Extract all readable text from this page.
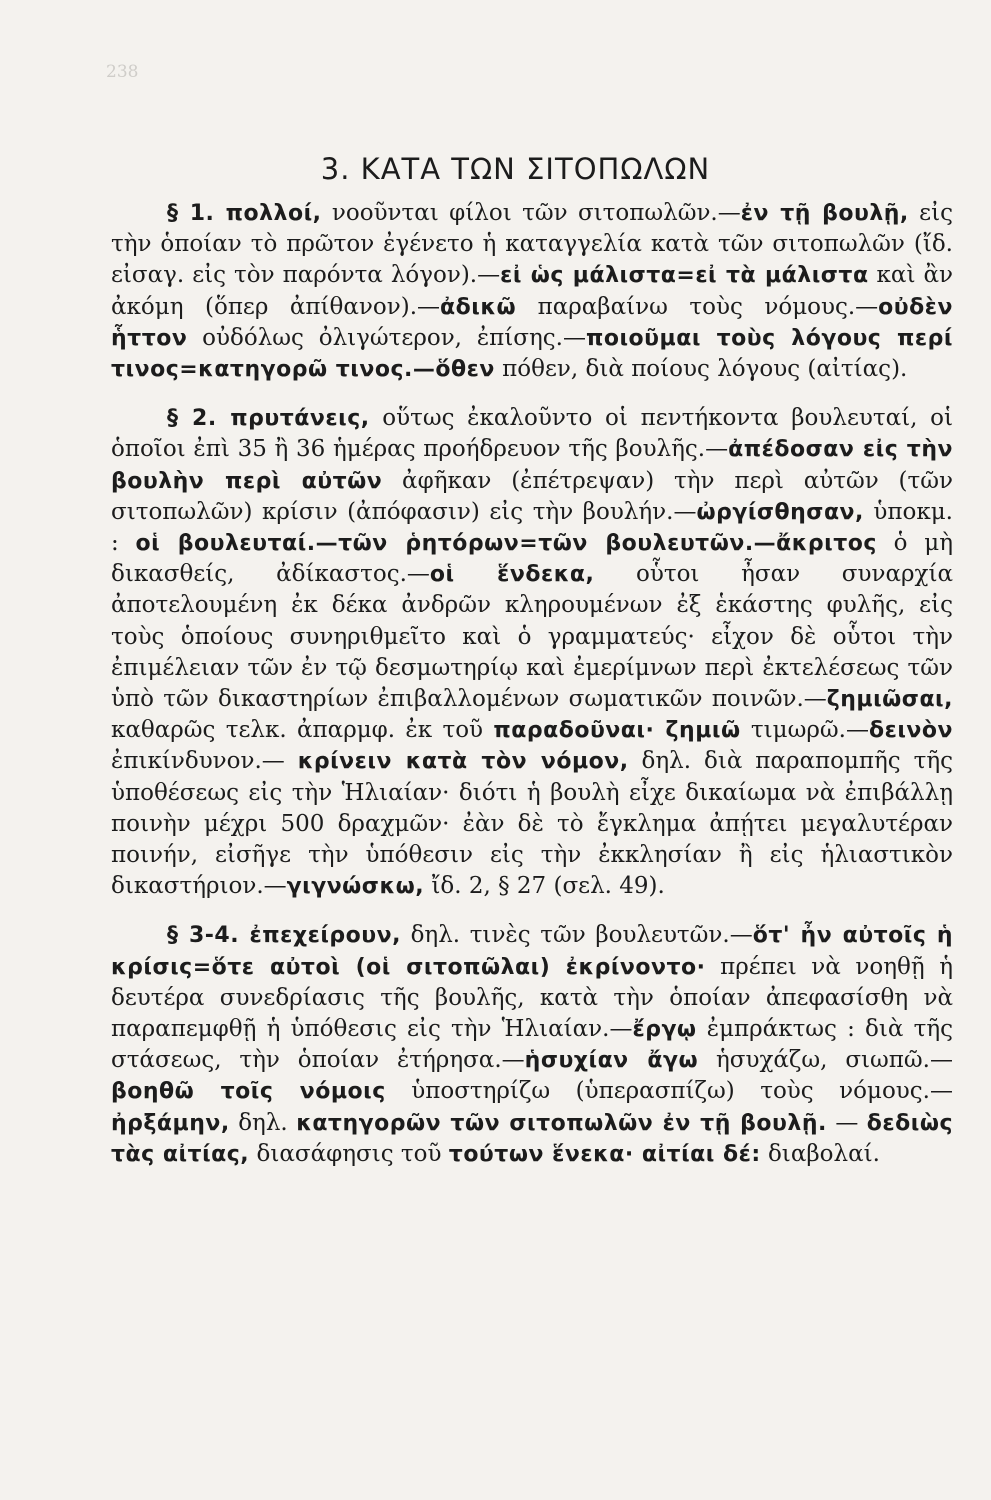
238
3. ΚΑΤΑ ΤΩΝ ΣΙΤΟΠΩΛΩΝ

§ 1. πολλοί, νοοῦνται φίλοι τῶν σιτοπωλῶν.—ἐν τῇ βουλῇ, εἰς τὴν ὁποίαν τὸ πρῶτον ἐγένετο ἡ καταγγελία κατὰ τῶν σιτοπωλῶν (ἴδ. εἰσαγ. εἰς τὸν παρόντα λόγον).—εἰ ὡς μάλιστα=εἰ τὰ μάλιστα καὶ ἂν ἀκόμη (ὅπερ ἀπίθανον).—ἀδικῶ παραβαίνω τοὺς νόμους.—οὐδὲν ἧττον οὐδόλως ὀλιγώτερον, ἐπίσης.—ποιοῦμαι τοὺς λόγους περί τινος=κατηγορῶ τινος.—ὅθεν πόθεν, διὰ ποίους λόγους (αἰτίας).

§ 2. πρυτάνεις, οὕτως ἐκαλοῦντο οἱ πεντήκοντα βουλευταί, οἱ ὁποῖοι ἐπὶ 35 ἢ 36 ἡμέρας προήδρευον τῆς βουλῆς.—ἀπέδοσαν εἰς τὴν βουλὴν περὶ αὐτῶν ἀφῆκαν (ἐπέτρεψαν) τὴν περὶ αὐτῶν (τῶν σιτοπωλῶν) κρίσιν (ἀπόφασιν) εἰς τὴν βουλήν.—ὠργίσθησαν, ὑποκμ. : οἱ βουλευταί.—τῶν ῥητόρων=τῶν βουλευτῶν.—ἄκριτος ὁ μὴ δικασθείς, ἀδίκαστος.—οἱ ἕνδεκα, οὗτοι ἦσαν συναρχία ἀποτελουμένη ἐκ δέκα ἀνδρῶν κληρουμένων ἐξ ἑκάστης φυλῆς, εἰς τοὺς ὁποίους συνηριθμεῖτο καὶ ὁ γραμματεύς· εἶχον δὲ οὗτοι τὴν ἐπιμέλειαν τῶν ἐν τῷ δεσμωτηρίῳ καὶ ἐμερίμνων περὶ ἐκτελέσεως τῶν ὑπὸ τῶν δικαστηρίων ἐπιβαλλομένων σωματικῶν ποινῶν.—ζημιῶσαι, καθαρῶς τελκ. ἀπαρμφ. ἐκ τοῦ παραδοῦναι· ζημιῶ τιμωρῶ.—δεινὸν ἐπικίνδυνον.— κρίνειν κατὰ τὸν νόμον, δηλ. διὰ παραπομπῆς τῆς ὑποθέσεως εἰς τὴν Ἡλιαίαν· διότι ἡ βουλὴ εἶχε δικαίωμα νὰ ἐπιβάλλῃ ποινὴν μέχρι 500 δραχμῶν· ἐὰν δὲ τὸ ἔγκλημα ἀπῄτει μεγαλυτέραν ποινήν, εἰσῆγε τὴν ὑπόθεσιν εἰς τὴν ἐκκλησίαν ἢ εἰς ἡλιαστικὸν δικαστήριον.—γιγνώσκω, ἴδ. 2, § 27 (σελ. 49).

§ 3-4. ἐπεχείρουν, δηλ. τινὲς τῶν βουλευτῶν.—ὅτ' ἦν αὐτοῖς ἡ κρίσις=ὅτε αὐτοὶ (οἱ σιτοπῶλαι) ἐκρίνοντο· πρέπει νὰ νοηθῇ ἡ δευτέρα συνεδρίασις τῆς βουλῆς, κατὰ τὴν ὁποίαν ἀπεφασίσθη νὰ παραπεμφθῇ ἡ ὑπόθεσις εἰς τὴν Ἡλιαίαν.—ἔργῳ ἐμπράκτως : διὰ τῆς στάσεως, τὴν ὁποίαν ἐτήρησα.—ἡσυχίαν ἄγω ἡσυχάζω, σιωπῶ.—βοηθῶ τοῖς νόμοις ὑποστηρίζω (ὑπερασπίζω) τοὺς νόμους.—ἠρξάμην, δηλ. κατηγορῶν τῶν σιτοπωλῶν ἐν τῇ βουλῇ. — δεδιὼς τὰς αἰτίας, διασάφησις τοῦ τούτων ἕνεκα· αἰτίαι δέ: διαβολαί.
